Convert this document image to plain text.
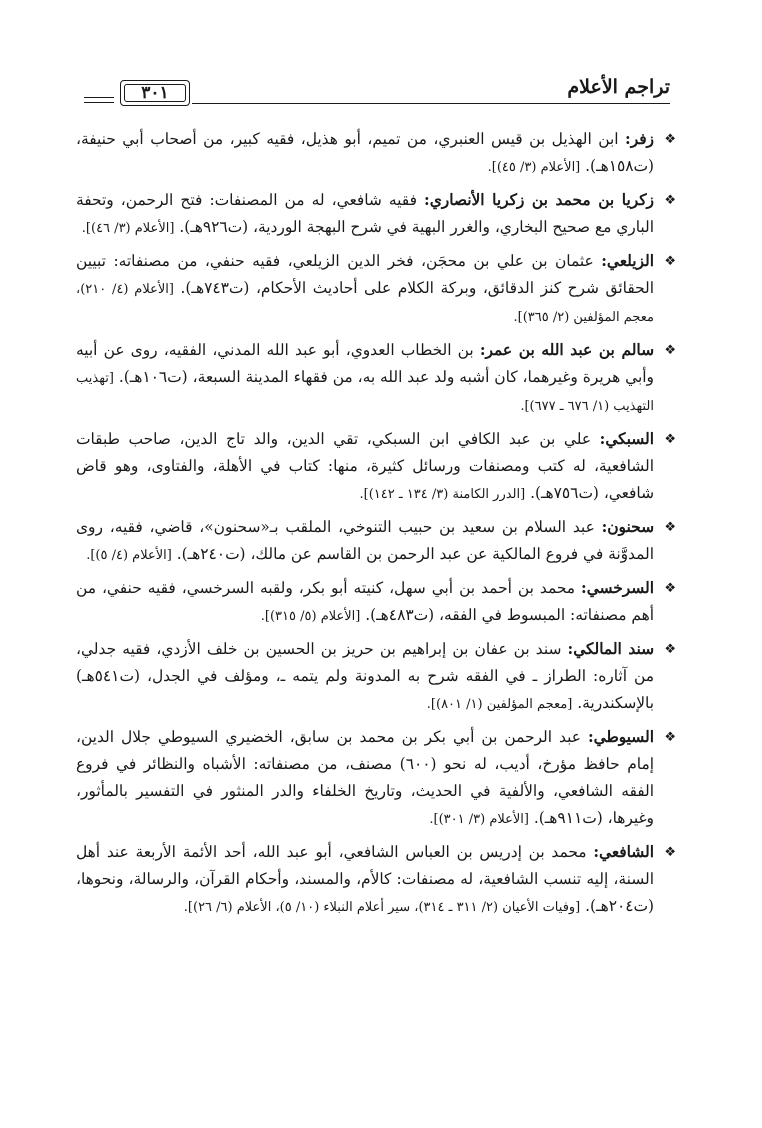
تراجم الأعلام
٣٠١
❖
زفر: ابن الهذيل بن قيس العنبري، من تميم، أبو هذيل، فقيه كبير، من أصحاب أبي حنيفة، (ت١٥٨هـ). [الأعلام (٣/ ٤٥)].
❖
زكريا بن محمد بن زكريا الأنصاري: فقيه شافعي، له من المصنفات: فتح الرحمن، وتحفة الباري مع صحيح البخاري، والغرر البهية في شرح البهجة الوردية، (ت٩٢٦هـ). [الأعلام (٣/ ٤٦)].
❖
الزيلعي: عثمان بن علي بن محجَن، فخر الدين الزيلعي، فقيه حنفي، من مصنفاته: تبيين الحقائق شرح كنز الدقائق، وبركة الكلام على أحاديث الأحكام، (ت٧٤٣هـ). [الأعلام (٤/ ٢١٠)، معجم المؤلفين (٢/ ٣٦٥)].
❖
سالم بن عبد الله بن عمر: بن الخطاب العدوي، أبو عبد الله المدني، الفقيه، روى عن أبيه وأبي هريرة وغيرهما، كان أشبه ولد عبد الله به، من فقهاء المدينة السبعة، (ت١٠٦هـ). [تهذيب التهذيب (١/ ٦٧٦ ـ ٦٧٧)].
❖
السبكي: علي بن عبد الكافي ابن السبكي، تقي الدين، والد تاج الدين، صاحب طبقات الشافعية، له كتب ومصنفات ورسائل كثيرة، منها: كتاب في الأهلة، والفتاوى، وهو قاض شافعي، (ت٧٥٦هـ). [الدرر الكامنة (٣/ ١٣٤ ـ ١٤٢)].
❖
سحنون: عبد السلام بن سعيد بن حبيب التنوخي، الملقب بـ«سحنون»، قاضي، فقيه، روى المدوَّنة في فروع المالكية عن عبد الرحمن بن القاسم عن مالك، (ت٢٤٠هـ). [الأعلام (٤/ ٥)].
❖
السرخسي: محمد بن أحمد بن أبي سهل، كنيته أبو بكر، ولقبه السرخسي، فقيه حنفي، من أهم مصنفاته: المبسوط في الفقه، (ت٤٨٣هـ). [الأعلام (٥/ ٣١٥)].
❖
سند المالكي: سند بن عفان بن إبراهيم بن حريز بن الحسين بن خلف الأزدي، فقيه جدلي، من آثاره: الطراز ـ في الفقه شرح به المدونة ولم يتمه ـ، ومؤلف في الجدل، (ت٥٤١هـ) بالإسكندرية. [معجم المؤلفين (١/ ٨٠١)].
❖
السيوطي: عبد الرحمن بن أبي بكر بن محمد بن سابق، الخضيري السيوطي جلال الدين، إمام حافظ مؤرخ، أديب، له نحو (٦٠٠) مصنف، من مصنفاته: الأشباه والنظائر في فروع الفقه الشافعي، والألفية في الحديث، وتاريخ الخلفاء والدر المنثور في التفسير بالمأثور، وغيرها، (ت٩١١هـ). [الأعلام (٣/ ٣٠١)].
❖
الشافعي: محمد بن إدريس بن العباس الشافعي، أبو عبد الله، أحد الأئمة الأربعة عند أهل السنة، إليه تنسب الشافعية، له مصنفات: كالأم، والمسند، وأحكام القرآن، والرسالة، ونحوها، (ت٢٠٤هـ). [وفيات الأعيان (٢/ ٣١١ ـ ٣١٤)، سير أعلام النبلاء (١٠/ ٥)، الأعلام (٦/ ٢٦)].
